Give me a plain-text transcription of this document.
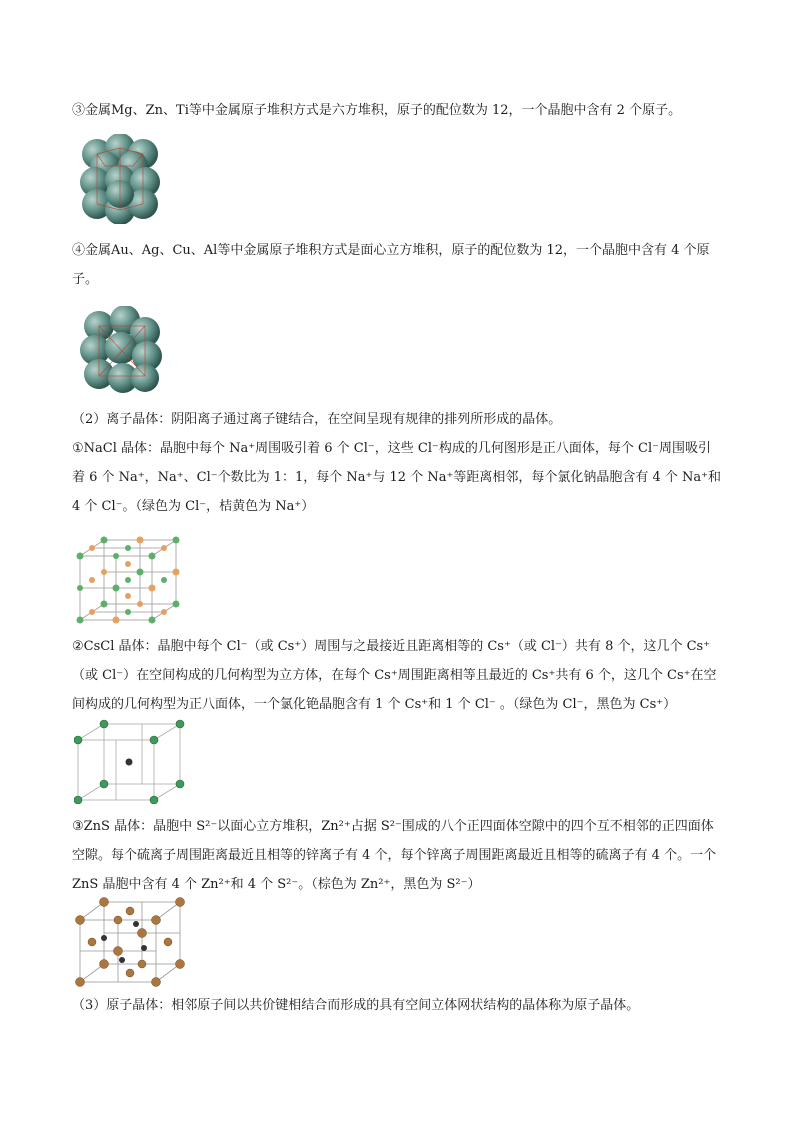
③金属Mg、Zn、Ti等中金属原子堆积方式是六方堆积，原子的配位数为 12，一个晶胞中含有 2 个原子。

④金属Au、Ag、Cu、Al等中金属原子堆积方式是面心立方堆积，原子的配位数为 12，一个晶胞中含有 4 个原子。

（2）离子晶体：阴阳离子通过离子键结合，在空间呈现有规律的排列所形成的晶体。

①NaCl 晶体：晶胞中每个 Na⁺周围吸引着 6 个 Cl⁻，这些 Cl⁻构成的几何图形是正八面体，每个 Cl⁻周围吸引着 6 个 Na⁺，Na⁺、Cl⁻个数比为 1：1，每个 Na⁺与 12 个 Na⁺等距离相邻，每个氯化钠晶胞含有 4 个 Na⁺和 4 个 Cl⁻。（绿色为 Cl⁻，桔黄色为 Na⁺）

②CsCl 晶体：晶胞中每个 Cl⁻（或 Cs⁺）周围与之最接近且距离相等的 Cs⁺（或 Cl⁻）共有 8 个，这几个 Cs⁺（或 Cl⁻）在空间构成的几何构型为立方体，在每个 Cs⁺周围距离相等且最近的 Cs⁺共有 6 个，这几个 Cs⁺在空间构成的几何构型为正八面体，一个氯化铯晶胞含有 1 个 Cs⁺和 1 个 Cl⁻ 。（绿色为 Cl⁻，黑色为 Cs⁺）

③ZnS 晶体：晶胞中 S²⁻以面心立方堆积，Zn²⁺占据 S²⁻围成的八个正四面体空隙中的四个互不相邻的正四面体空隙。每个硫离子周围距离最近且相等的锌离子有 4 个，每个锌离子周围距离最近且相等的硫离子有 4 个。一个 ZnS 晶胞中含有 4 个 Zn²⁺和 4 个 S²⁻。（棕色为 Zn²⁺，黑色为 S²⁻）

（3）原子晶体：相邻原子间以共价键相结合而形成的具有空间立体网状结构的晶体称为原子晶体。
